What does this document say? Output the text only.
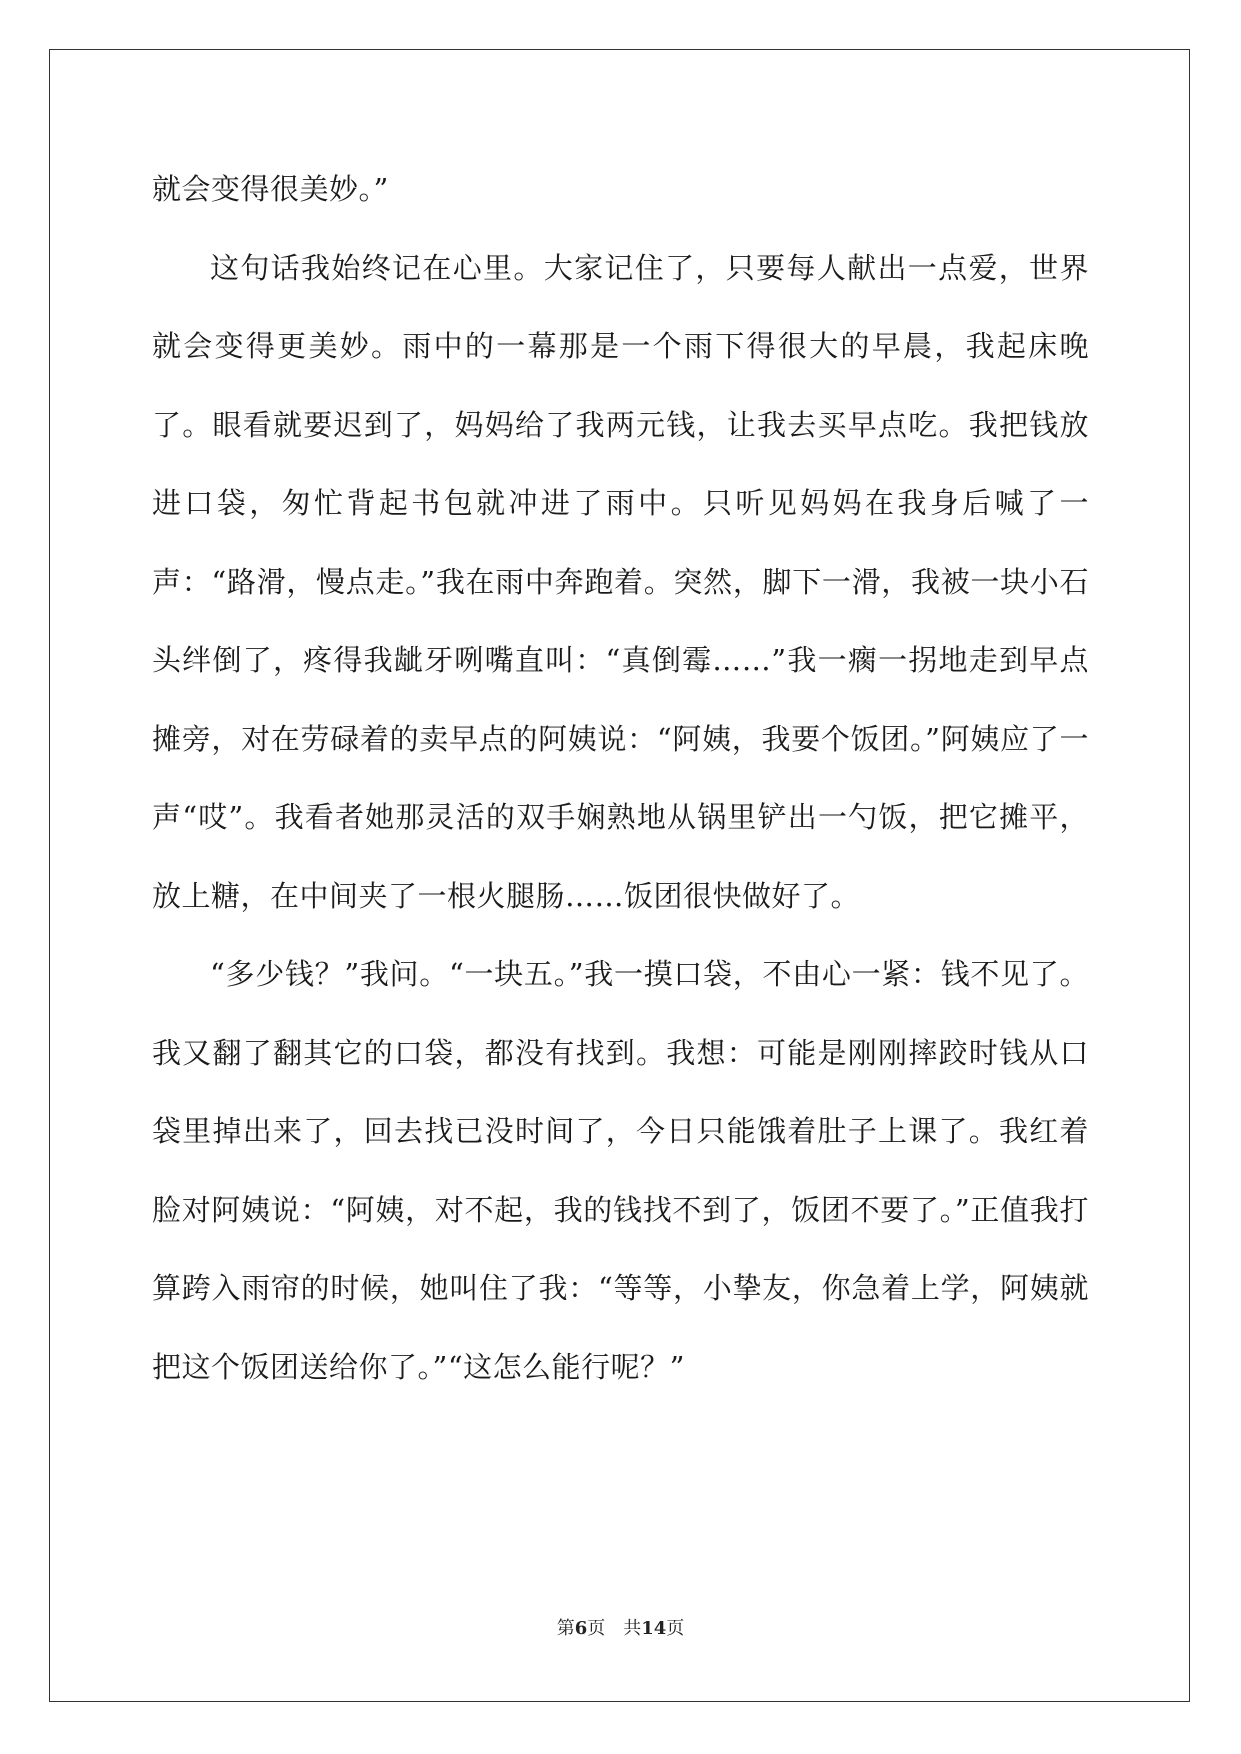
就会变得很美妙。”

这句话我始终记在心里。大家记住了，只要每人献出一点爱，世界就会变得更美妙。雨中的一幕那是一个雨下得很大的早晨，我起床晚了。眼看就要迟到了，妈妈给了我两元钱，让我去买早点吃。我把钱放进口袋，匆忙背起书包就冲进了雨中。只听见妈妈在我身后喊了一声：“路滑，慢点走。”我在雨中奔跑着。突然，脚下一滑，我被一块小石头绊倒了，疼得我龇牙咧嘴直叫：“真倒霉……”我一瘸一拐地走到早点摊旁，对在劳碌着的卖早点的阿姨说：“阿姨，我要个饭团。”阿姨应了一声“哎”。我看者她那灵活的双手娴熟地从锅里铲出一勺饭，把它摊平，放上糖，在中间夹了一根火腿肠……饭团很快做好了。

“多少钱？”我问。“一块五。”我一摸口袋，不由心一紧：钱不见了。我又翻了翻其它的口袋，都没有找到。我想：可能是刚刚摔跤时钱从口袋里掉出来了，回去找已没时间了，今日只能饿着肚子上课了。我红着脸对阿姨说：“阿姨，对不起，我的钱找不到了，饭团不要了。”正值我打算跨入雨帘的时候，她叫住了我：“等等，小挚友，你急着上学，阿姨就把这个饭团送给你了。”“这怎么能行呢？”

第6页 共14页
